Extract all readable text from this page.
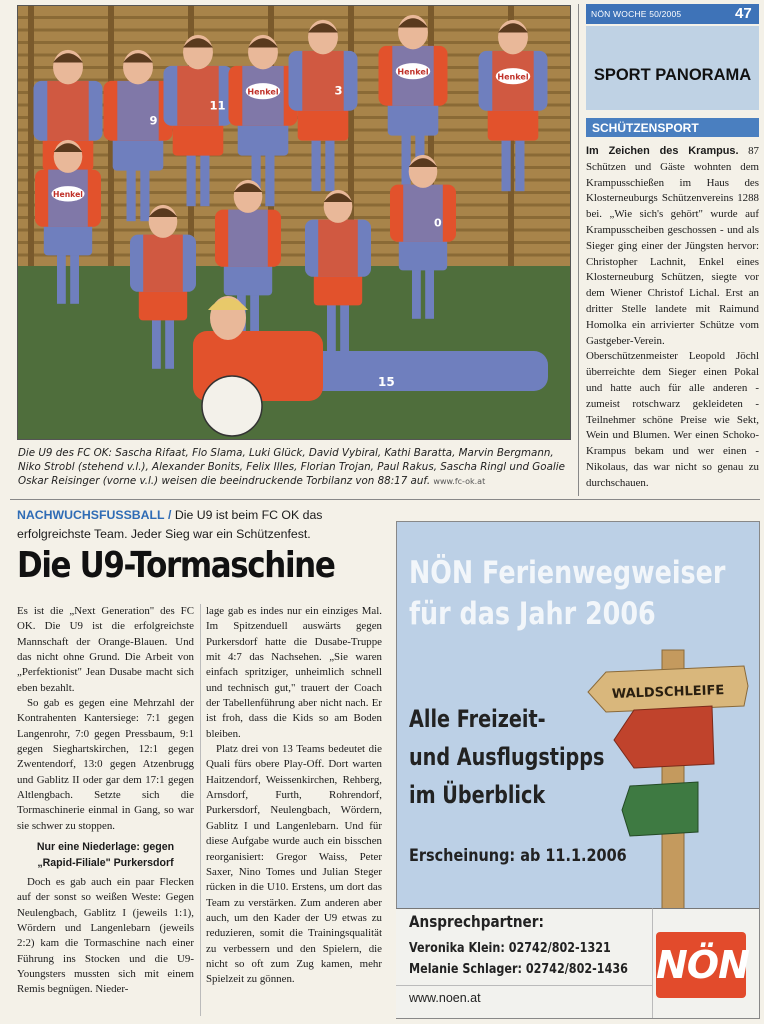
9
11
Henkel	3
Henkel
Henkel
Henkel
0
15
Die U9 des FC OK: Sascha Rifaat, Flo Slama, Luki Glück, David Vybiral, Kathi Baratta, Marvin Bergmann, Niko Strobl (stehend v.l.), Alexander Bonits, Felix Illes, Florian Trojan, Paul Rakus, Sascha Ringl und Goalie Oskar Reisinger (vorne v.l.) weisen die beeindruckende Torbilanz von 88:17 auf. www.fc-ok.at
NÖN WOCHE 50/2005	47
SPORT PANORAMA
SCHÜTZENSPORT
Im Zeichen des Krampus. 87 Schützen und Gäste wohnten dem Krampusschießen im Haus des Klosterneuburgs Schützenvereins 1288 bei. „Wie sich's gehört" wurde auf Krampusscheiben geschossen - und als Sieger ging einer der Jüngsten hervor: Christopher Lachnit, Enkel eines Klosterneuburg Schützen, siegte vor dem Wiener Christof Lichal. Erst an dritter Stelle landete mit Raimund Homolka ein arrivierter Schütze vom Gastgeber-Verein. Oberschützenmeister Leopold Jöchl überreichte dem Sieger einen Pokal und hatte auch für alle anderen - zumeist rotschwarz gekleideten - Teilnehmer schöne Preise wie Sekt, Wein und Blumen. Wer einen Schoko-Krampus bekam und wer einen -Nikolaus, das war nicht so genau zu durchschauen.
NACHWUCHSFUSSBALL / Die U9 ist beim FC OK das erfolgreichste Team. Jeder Sieg war ein Schützenfest.
Die U9-Tormaschine

Es ist die „Next Generation" des FC OK. Die U9 ist die erfolgreichste Mannschaft der Orange-Blauen. Und das nicht ohne Grund. Die Arbeit von „Perfektionist" Jean Dusabe macht sich eben bezahlt.

So gab es gegen eine Mehrzahl der Kontrahenten Kantersiege: 7:1 gegen Langenrohr, 7:0 gegen Pressbaum, 9:1 gegen Sieghartskirchen, 12:1 gegen Zwentendorf, 13:0 gegen Atzenbrugg und Gablitz II oder gar dem 17:1 gegen Altlengbach. Setzte sich die Tormaschinerie einmal in Gang, so war sie schwer zu stoppen.

Nur eine Niederlage: gegen „Rapid-Filiale" Purkersdorf

Doch es gab auch ein paar Flecken auf der sonst so weißen Weste: Gegen Neulengbach, Gablitz I (jeweils 1:1), Wördern und Langenlebarn (jeweils 2:2) kam die Tormaschine nach einer Führung ins Stocken und die U9-Youngsters mussten sich mit einem Remis begnügen. Nieder-

lage gab es indes nur ein einziges Mal. Im Spitzenduell auswärts gegen Purkersdorf hatte die Dusabe-Truppe mit 4:7 das Nachsehen. „Sie waren einfach spritziger, unheimlich schnell und technisch gut," trauert der Coach der Tabellenführung aber nicht nach. Er ist froh, dass die Kids so am Boden bleiben.

Platz drei von 13 Teams bedeutet die Quali fürs obere Play-Off. Dort warten Haitzendorf, Weissenkirchen, Rehberg, Arnsdorf, Furth, Rohrendorf, Purkersdorf, Neulengbach, Wördern, Gablitz I und Langenlebarn. Und für diese Aufgabe wurde auch ein bisschen reorganisiert: Gregor Waiss, Peter Saxer, Nino Tomes und Julian Steger rücken in die U10. Erstens, um dort das Team zu verstärken. Zum anderen aber auch, um den Kader der U9 etwas zu reduzieren, somit die Trainingsqualität zu verbessern und den Spielern, die nicht so oft zum Zug kamen, mehr Spielzeit zu gönnen.

NÖN Ferienwegweiser
für das Jahr 2006
Alle Freizeit-
und Ausflugstipps
im Überblick
Erscheinung: ab 11.1.2006
WALDSCHLEIFE
Ansprechpartner:
Veronika Klein: 02742/802-1321
Melanie Schlager: 02742/802-1436
www.noen.at
NÖN
